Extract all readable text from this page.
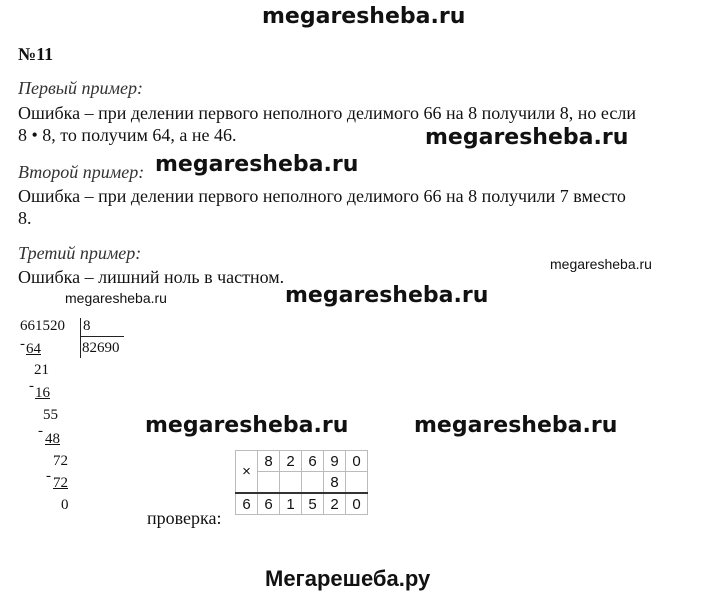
megaresheba.ru
№11
Первый пример:
Ошибка – при делении первого неполного делимого 66 на 8 получили 8, но если
8 • 8, то получим 64, а не 46.	megaresheba.ru
Второй пример: megaresheba.ru
Ошибка – при делении первого неполного делимого 66 на 8 получили 7 вместо
8.
Третий пример:
megaresheba.ru
Ошибка – лишний ноль в частном.
megaresheba.ru	megaresheba.ru
661520 8
82690
- 64
21
- 16
55
- 48
72
- 72
0
megaresheba.ru	megaresheba.ru
проверка:
×	8	2	6	9	0
				8	
6	6	1	5	2	0
Мегарешеба.ру
